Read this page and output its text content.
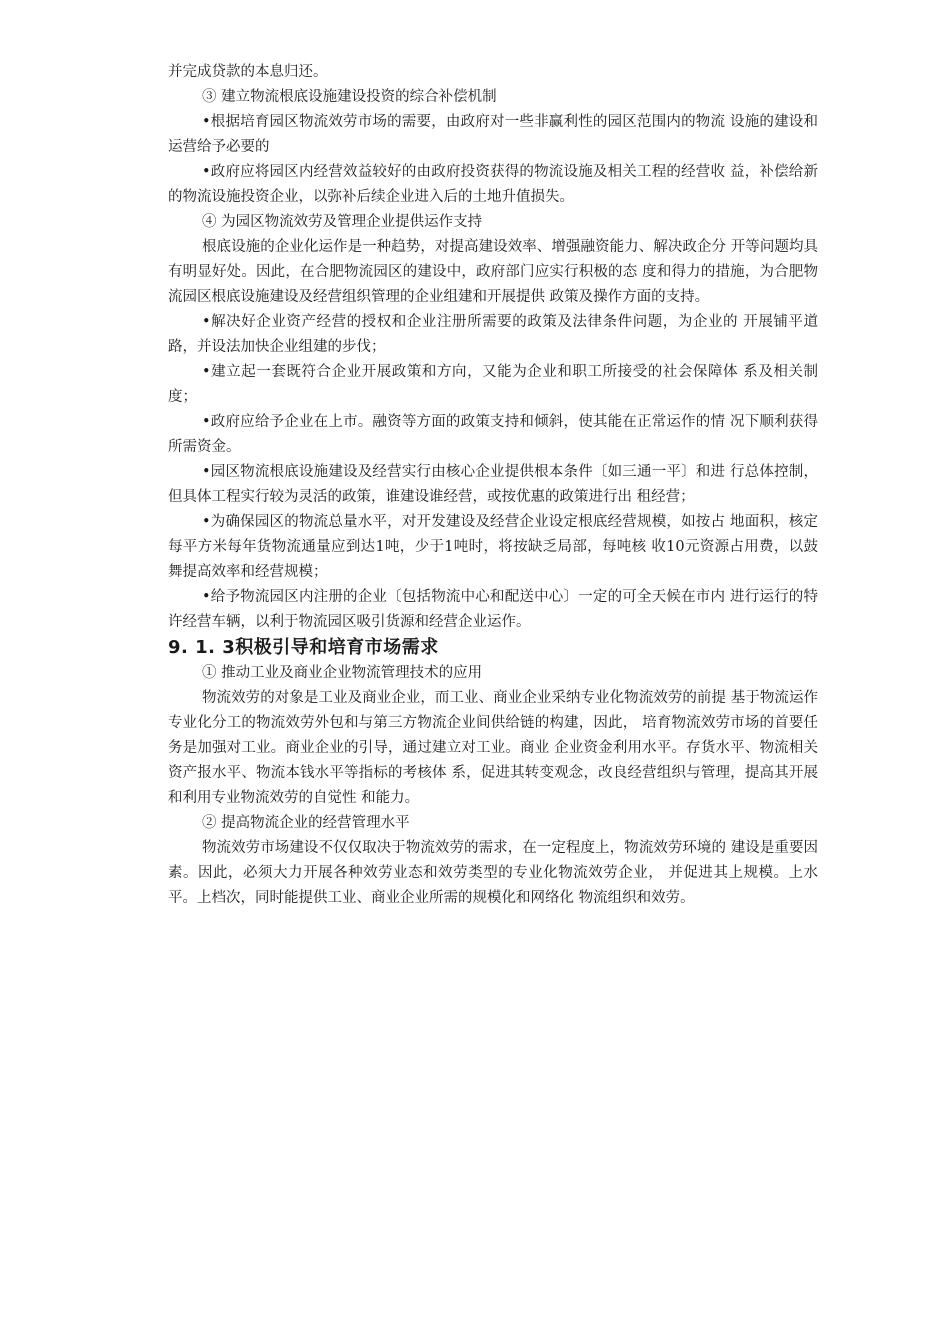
并完成贷款的本息归还。

③ 建立物流根底设施建设投资的综合补偿机制

•根据培育园区物流效劳市场的需要，由政府对一些非赢利性的园区范围内的物流 设施的建设和运营给予必要的

•政府应将园区内经营效益较好的由政府投资获得的物流设施及相关工程的经营收 益，补偿给新的物流设施投资企业，以弥补后续企业进入后的土地升值损失。

④ 为园区物流效劳及管理企业提供运作支持

根底设施的企业化运作是一种趋势，对提高建设效率、增强融资能力、解决政企分 开等问题均具有明显好处。因此，在合肥物流园区的建设中，政府部门应实行积极的态 度和得力的措施，为合肥物流园区根底设施建设及经营组织管理的企业组建和开展提供 政策及操作方面的支持。

•解决好企业资产经营的授权和企业注册所需要的政策及法律条件问题，为企业的 开展铺平道路，并设法加快企业组建的步伐；

•建立起一套既符合企业开展政策和方向，又能为企业和职工所接受的社会保障体 系及相关制度；

•政府应给予企业在上市。融资等方面的政策支持和倾斜，使其能在正常运作的情 况下顺利获得所需资金。

•园区物流根底设施建设及经营实行由核心企业提供根本条件〔如三通一平〕和进 行总体控制，但具体工程实行较为灵活的政策，谁建设谁经营，或按优惠的政策进行出 租经营；

•为确保园区的物流总量水平，对开发建设及经营企业设定根底经营规模，如按占 地面积，核定每平方米每年货物流通量应到达1吨，少于1吨时，将按缺乏局部，每吨核 收10元资源占用费，以鼓舞提高效率和经营规模；

•给予物流园区内注册的企业〔包括物流中心和配送中心〕一定的可全天候在市内 进行运行的特许经营车辆，以利于物流园区吸引货源和经营企业运作。

9. 1. 3积极引导和培育市场需求

① 推动工业及商业企业物流管理技术的应用

物流效劳的对象是工业及商业企业，而工业、商业企业采纳专业化物流效劳的前提 基于物流运作专业化分工的物流效劳外包和与第三方物流企业间供给链的构建，因此， 培育物流效劳市场的首要任务是加强对工业。商业企业的引导，通过建立对工业。商业 企业资金利用水平。存货水平、物流相关资产报水平、物流本钱水平等指标的考核体 系，促进其转变观念，改良经营组织与管理，提高其开展和利用专业物流效劳的自觉性 和能力。

② 提高物流企业的经营管理水平

物流效劳市场建设不仅仅取决于物流效劳的需求，在一定程度上，物流效劳环境的 建设是重要因素。因此，必须大力开展各种效劳业态和效劳类型的专业化物流效劳企业， 并促进其上规模。上水平。上档次，同时能提供工业、商业企业所需的规模化和网络化 物流组织和效劳。
